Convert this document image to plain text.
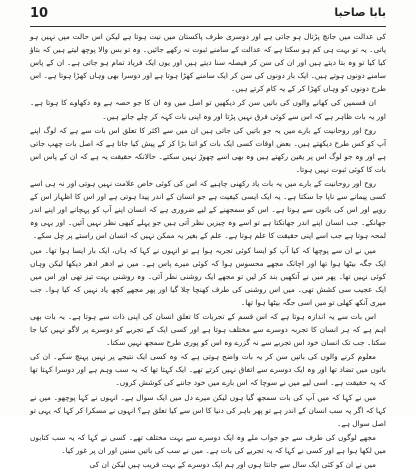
10	بابا صاحبا

کی عدالت میں جانچ پڑتال ہو جاتی ہے اور دوسری طرف پاکستان میں نیت ہوتا ہے لیکن اس حالت میں نہیں ہو پاتی۔ یہ تو بہت ہی کم ہو سکتا ہے کہ عدالت کے سامنے ثبوت نہ رکھے جائیں۔ وہ تو بس والا پوچھ لیتے ہیں کہ بتاؤ کیا کیا تو وہ بتا دیتے ہیں اور ان کی سن کر فیصلہ سنا دیتے ہیں اور یوں ایک فریاد تمام ہو جاتی ہے۔ ان کے پاس سامنے دونوں ہوتے ہیں۔ ایک بار دونوں کی سن کر ایک سامنے کھڑا ہوتا ہے اور دوسرا بھی وہاں کھڑا ہوتا ہے۔ اس طرح دونوں کو وہاں کھڑا کر کے یہ کام کرتے ہیں۔

ان قسمیں کی کھانے والوں کی باتیں سن کر دیکھیں تو اصل میں وہ ان کا جو حصہ ہے وہ دکھاوے کا ہوتا ہے۔ اور یہ بات ظاہر ہے کہ اس سے کوئی فرق نہیں پڑتا اور وہ اپنی بات کہہ کر چلے جاتے ہیں۔

روح اور روحانیت کے بارے میں یہ جو باتیں کی جاتی ہیں ان میں سے اکثر کا تعلق اس بات سے ہے کہ لوگ اپنے آپ کو کس طرح دیکھتے ہیں۔ بعض اوقات کسی ایک بات کو اتنا بڑا کر کے پیش کیا جاتا ہے کہ اصل بات چھپ جاتی ہے اور وہ جو لوگ اس پر یقین رکھتے ہیں وہ بھی اسے چھوڑ نہیں سکتے۔ حالانکہ حقیقت یہ ہے کہ ان کے پاس اس بات کا کوئی ثبوت نہیں ہوتا۔

روح اور روحانیت کے بارے میں یہ بات یاد رکھنی چاہیے کہ اس کی کوئی خاص علامت نہیں ہوتی اور نہ ہی اسے کسی پیمانے سے ناپا جا سکتا ہے۔ یہ ایک ایسی کیفیت ہے جو انسان کے اندر پیدا ہوتی ہے اور اس کا اظہار اس کے رویے اور اس کی باتوں سے ہوتا ہے۔ اس کو سمجھنے کے لیے ضروری ہے کہ انسان اپنے آپ کو پہچانے اور اپنے اندر جھانکے۔ جب انسان اپنے اندر جھانکتا ہے تو اسے وہ چیزیں نظر آتی ہیں جو پہلے کبھی نظر نہیں آئیں۔ اور یہی وہ لمحہ ہوتا ہے جب اسے اپنی حقیقت کا علم ہوتا ہے۔ علم کے بغیر یہ ممکن نہیں کہ انسان اس راستے پر چل سکے۔

میں نے ان سے پوچھا کہ کیا آپ کو ایسا کوئی تجربہ ہوا ہے تو انہوں نے کہا کہ ہاں، ایک بار ایسا ہوا تھا۔ میں ایک جگہ بیٹھا ہوا تھا اور اچانک مجھے محسوس ہوا کہ کوئی میرے پاس ہے۔ میں نے ادھر ادھر دیکھا لیکن وہاں کوئی نہیں تھا۔ پھر میں نے آنکھیں بند کر لیں تو مجھے ایک روشنی نظر آئی۔ وہ روشنی بہت تیز تھی اور اس میں ایک عجیب سی کشش تھی۔ میں اس روشنی کی طرف کھنچا چلا گیا اور پھر مجھے کچھ یاد نہیں کہ کیا ہوا۔ جب میری آنکھ کھلی تو میں اسی جگہ بیٹھا ہوا تھا۔

اس بات سے یہ اندازہ ہوتا ہے کہ اس قسم کے تجربات کا تعلق انسان کی اپنی ذات سے ہوتا ہے۔ یہ بات بھی اہم ہے کہ ہر انسان کا تجربہ دوسرے سے مختلف ہوتا ہے اور کسی ایک کے تجربے کو دوسرے پر لاگو نہیں کیا جا سکتا۔ جب تک انسان خود اس تجربے سے نہ گزرے وہ اس کو پوری طرح سمجھ نہیں سکتا۔

معلوم کرنے والوں کی باتیں سن کر یہ بات واضح ہوتی ہے کہ وہ کسی ایک نتیجے پر نہیں پہنچ سکے۔ ان کی باتوں میں تضاد تھا اور وہ ایک دوسرے سے اتفاق نہیں کرتے تھے۔ ایک کہتا تھا کہ یہ سب وہم ہے اور دوسرا کہتا تھا کہ یہ حقیقت ہے۔ اسی لیے میں نے سوچا کہ اس بارے میں خود جاننے کی کوشش کروں۔

میں نے کہا کہ میں آپ کی بات سمجھ گیا ہوں لیکن میرے دل میں ایک سوال ہے۔ انہوں نے کہا پوچھو۔ میں نے کہا کہ اگر یہ سب انسان کے اندر ہے تو پھر باہر کی دنیا کا اس سے کیا تعلق ہے؟ انہوں نے مسکرا کر کہا کہ یہی تو اصل سوال ہے۔

مجھے لوگوں کی طرف سے جو جواب ملے وہ ایک دوسرے سے بہت مختلف تھے۔ کسی نے کہا کہ یہ سب کتابوں میں لکھا ہوا ہے اور کسی نے کہا کہ یہ تجربے کی بات ہے۔ میں نے سب کی باتیں سنیں اور ان پر غور کیا۔

میں نے ان کو کئی ایک سال سے جانتا ہوں اور ہم ایک دوسرے کے بہت قریب ہیں لیکن ان کی
